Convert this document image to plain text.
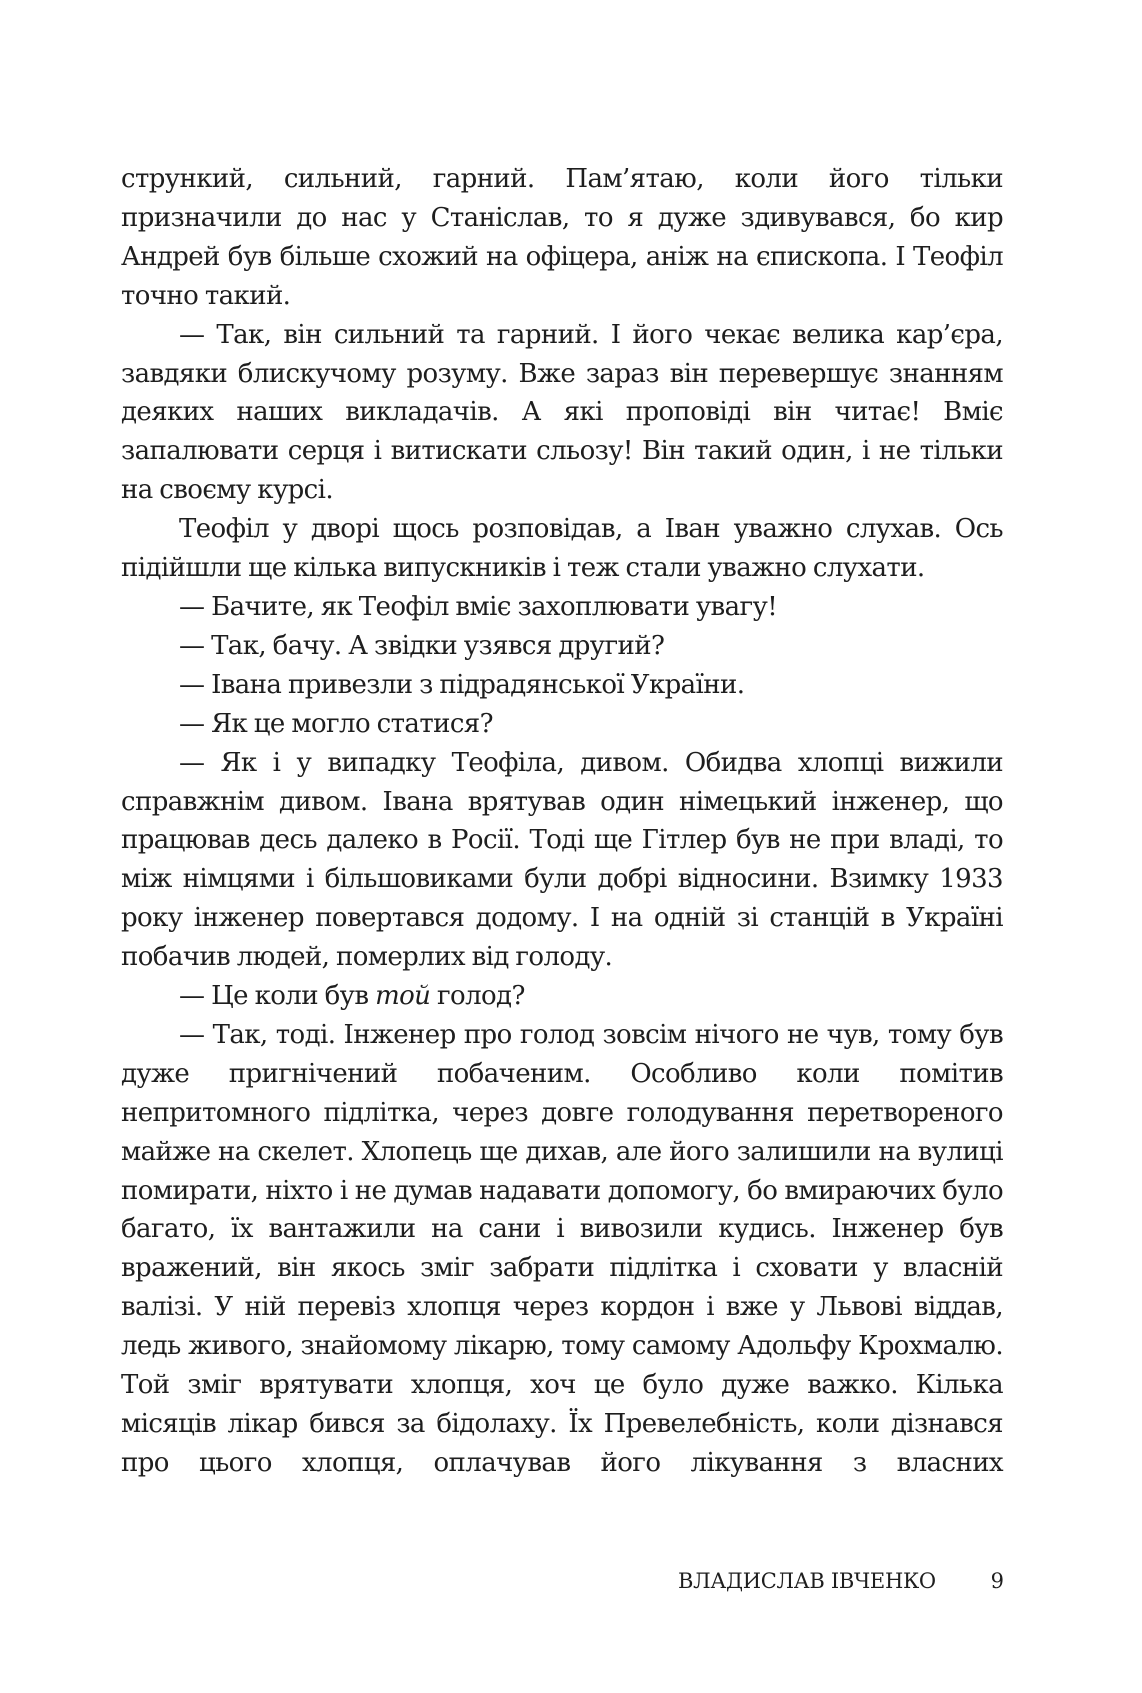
стрункий, сильний, гарний. Пам’ятаю, коли його тільки призначили до нас у Станіслав, то я дуже здивувався, бо кир Андрей був більше схожий на офіцера, аніж на єпископа. І Теофіл точно такий.

— Так, він сильний та гарний. І його чекає велика кар’єра, завдяки блискучому розуму. Вже зараз він перевершує знанням деяких наших викладачів. А які проповіді він читає! Вміє запалювати серця і витискати сльозу! Він такий один, і не тільки на своєму курсі.

Теофіл у дворі щось розповідав, а Іван уважно слухав. Ось підійшли ще кілька випускників і теж стали уважно слухати.

— Бачите, як Теофіл вміє захоплювати увагу!

— Так, бачу. А звідки узявся другий?

— Івана привезли з підрадянської України.

— Як це могло статися?

— Як і у випадку Теофіла, дивом. Обидва хлопці вижили справжнім дивом. Івана врятував один німецький інженер, що працював десь далеко в Росії. Тоді ще Гітлер був не при владі, то між німцями і більшовиками були добрі відносини. Взимку 1933 року інженер повертався додому. І на одній зі станцій в Україні побачив людей, померлих від голоду.

— Це коли був той голод?

— Так, тоді. Інженер про голод зовсім нічого не чув, тому був дуже пригнічений побаченим. Особливо коли помітив непритомного підлітка, через довге голодування перетвореного майже на скелет. Хлопець ще дихав, але його залишили на вулиці помирати, ніхто і не думав надавати допомогу, бо вмираючих було багато, їх вантажили на сани і вивозили кудись. Інженер був вражений, він якось зміг забрати підлітка і сховати у власній валізі. У ній перевіз хлопця через кордон і вже у Львові віддав, ледь живого, знайомому лікарю, тому самому Адольфу Крохмалю. Той зміг врятувати хлопця, хоч це було дуже важко. Кілька місяців лікар бився за бідолаху. Їх Превелебність, коли дізнався про цього хлопця, оплачував його лікування з власних

ВЛАДИСЛАВ ІВЧЕНКО	9
